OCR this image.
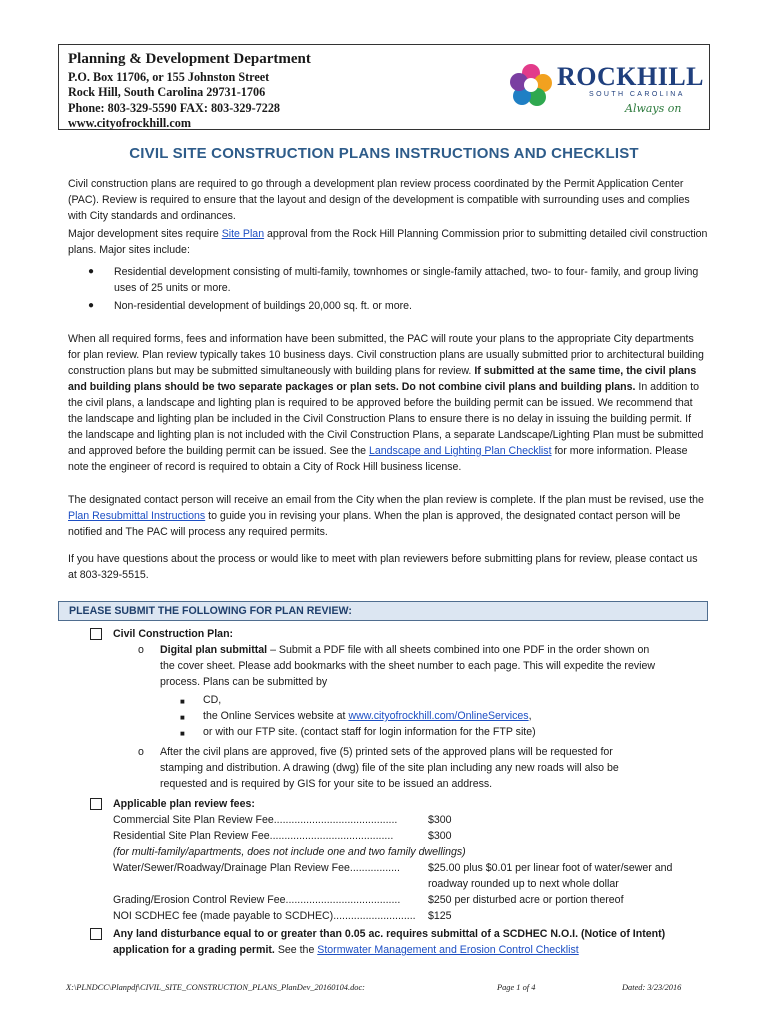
Planning & Development Department
P.O. Box 11706, or 155 Johnston Street
Rock Hill, South Carolina 29731-1706
Phone: 803-329-5590 FAX: 803-329-7228
www.cityofrockhill.com
ROCKHILL
SOUTH CAROLINA
Always on
CIVIL SITE CONSTRUCTION PLANS INSTRUCTIONS AND CHECKLIST
Civil construction plans are required to go through a development plan review process coordinated by the Permit Application Center (PAC). Review is required to ensure that the layout and design of the development is compatible with surrounding uses and complies with City standards and ordinances.
Major development sites require Site Plan approval from the Rock Hill Planning Commission prior to submitting detailed civil construction plans. Major sites include:
● Residential development consisting of multi-family, townhomes or single-family attached, two- to four- family, and group living uses of 25 units or more.
● Non-residential development of buildings 20,000 sq. ft. or more.
When all required forms, fees and information have been submitted, the PAC will route your plans to the appropriate City departments for plan review. Plan review typically takes 10 business days. Civil construction plans are usually submitted prior to architectural building construction plans but may be submitted simultaneously with building plans for review. If submitted at the same time, the civil plans and building plans should be two separate packages or plan sets. Do not combine civil plans and building plans. In addition to the civil plans, a landscape and lighting plan is required to be approved before the building permit can be issued. We recommend that the landscape and lighting plan be included in the Civil Construction Plans to ensure there is no delay in issuing the building permit. If the landscape and lighting plan is not included with the Civil Construction Plans, a separate Landscape/Lighting Plan must be submitted and approved before the building permit can be issued. See the Landscape and Lighting Plan Checklist for more information. Please note the engineer of record is required to obtain a City of Rock Hill business license.
The designated contact person will receive an email from the City when the plan review is complete. If the plan must be revised, use the Plan Resubmittal Instructions to guide you in revising your plans. When the plan is approved, the designated contact person will be notified and The PAC will process any required permits.
If you have questions about the process or would like to meet with plan reviewers before submitting plans for review, please contact us at 803-329-5515.
PLEASE SUBMIT THE FOLLOWING FOR PLAN REVIEW:
Civil Construction Plan:
o Digital plan submittal – Submit a PDF file with all sheets combined into one PDF in the order shown on
the cover sheet. Please add bookmarks with the sheet number to each page. This will expedite the review
process. Plans can be submitted by
■ CD,
■ the Online Services website at www.cityofrockhill.com/OnlineServices,
■ or with our FTP site. (contact staff for login information for the FTP site)
o After the civil plans are approved, five (5) printed sets of the approved plans will be requested for
stamping and distribution. A drawing (dwg) file of the site plan including any new roads will also be
requested and is required by GIS for your site to be issued an address.
Applicable plan review fees:
Commercial Site Plan Review Fee..........................................	$300
Residential Site Plan Review Fee..........................................	$300
(for multi-family/apartments, does not include one and two family dwellings)
Water/Sewer/Roadway/Drainage Plan Review Fee.................	$25.00 plus $0.01 per linear foot of water/sewer and
roadway rounded up to next whole dollar
Grading/Erosion Control Review Fee.......................................	$250 per disturbed acre or portion thereof
NOI SCDHEC fee (made payable to SCDHEC)............................ $125
Any land disturbance equal to or greater than 0.05 ac. requires submittal of a SCDHEC N.O.I. (Notice of Intent)
application for a grading permit. See the Stormwater Management and Erosion Control Checklist
X:\PLNDCC\Planpdf\CIVIL_SITE_CONSTRUCTION_PLANS_PlanDev_20160104.doc:	Page 1 of 4	Dated: 3/23/2016
